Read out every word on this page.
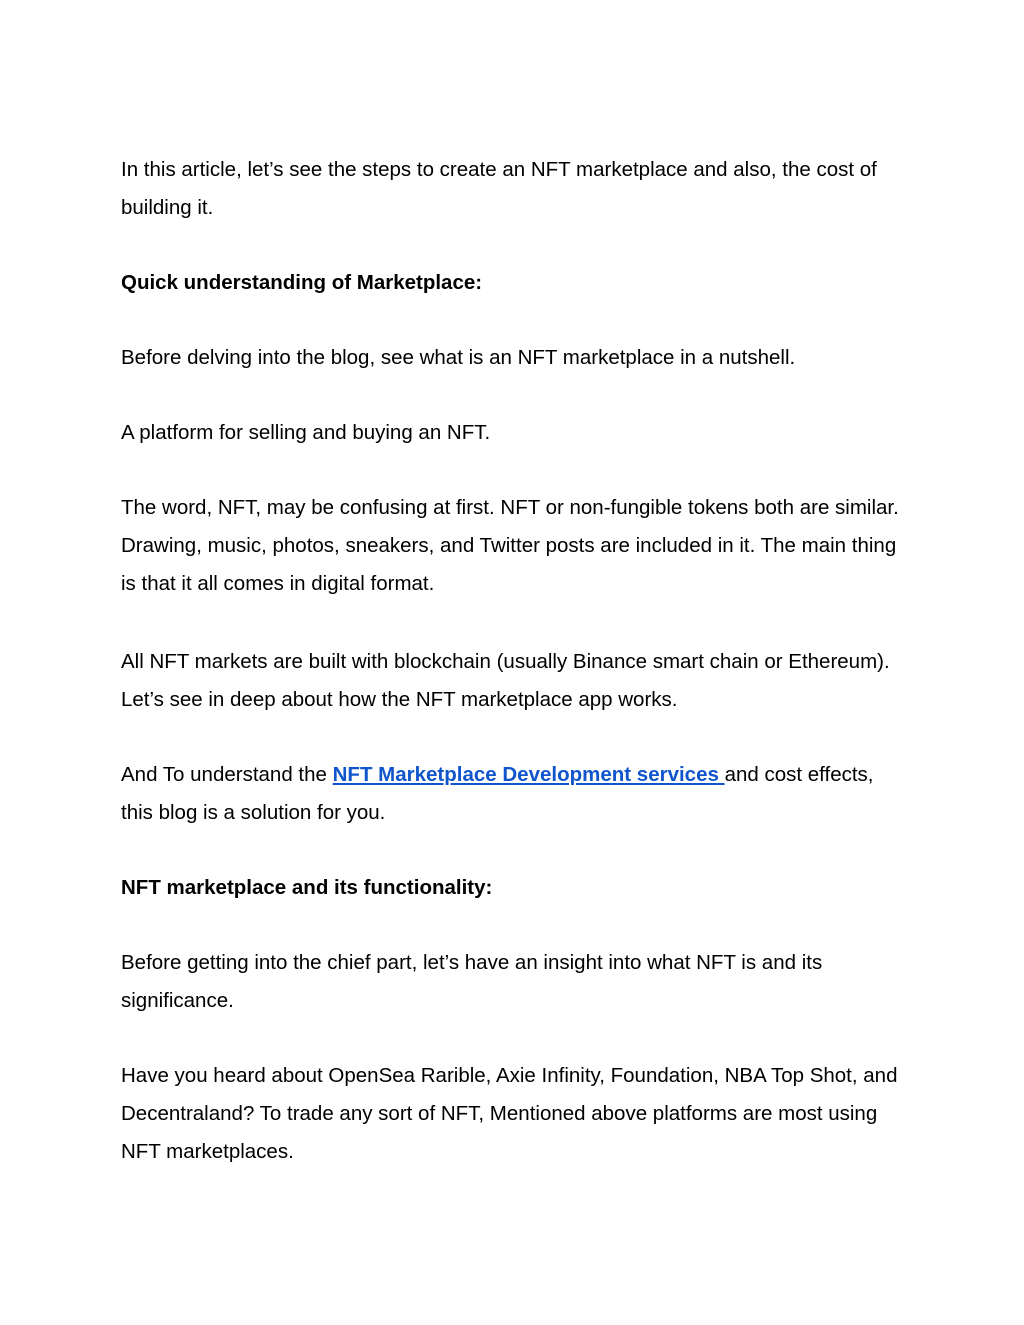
In this article, let’s see the steps to create an NFT marketplace and also, the cost of building it.

Quick understanding of Marketplace:

Before delving into the blog, see what is an NFT marketplace in a nutshell.

A platform for selling and buying an NFT.

The word, NFT, may be confusing at first. NFT or non-fungible tokens both are similar. Drawing, music, photos, sneakers, and Twitter posts are included in it. The main thing is that it all comes in digital format.

All NFT markets are built with blockchain (usually Binance smart chain or Ethereum). Let’s see in deep about how the NFT marketplace app works.

And To understand the NFT Marketplace Development services and cost effects, this blog is a solution for you.

NFT marketplace and its functionality:

Before getting into the chief part, let’s have an insight into what NFT is and its significance.

Have you heard about OpenSea Rarible, Axie Infinity, Foundation, NBA Top Shot, and Decentraland? To trade any sort of NFT, Mentioned above platforms are most using NFT marketplaces.
